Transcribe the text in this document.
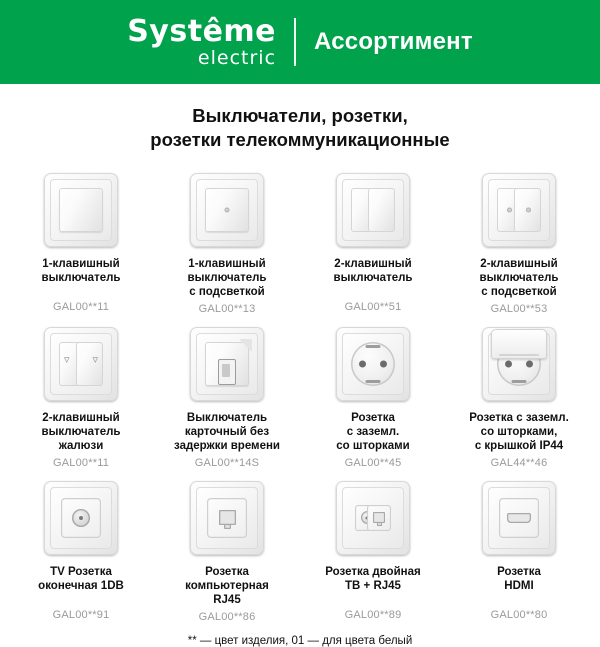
Systême
electric
Ассортимент
Выключатели, розетки,
розетки телекоммуникационные
1-клавишный
выключатель
GAL00**11
1-клавишный
выключатель
с подсветкой
GAL00**13
2-клавишный
выключатель
GAL00**51
2-клавишный
выключатель
с подсветкой
GAL00**53
▿ ▿
2-клавишный
выключатель
жалюзи
GAL00**11
Выключатель
карточный без
задержки времени
GAL00**14S
Розетка
с заземл.
со шторками
GAL00**45
Розетка с заземл.
со шторками,
с крышкой IP44
GAL44**46
TV Розетка
оконечная 1DB
GAL00**91
Розетка
компьютерная
RJ45
GAL00**86
Розетка двойная
ТВ + RJ45
GAL00**89
Розетка
HDMI
GAL00**80
** — цвет изделия, 01 — для цвета белый
